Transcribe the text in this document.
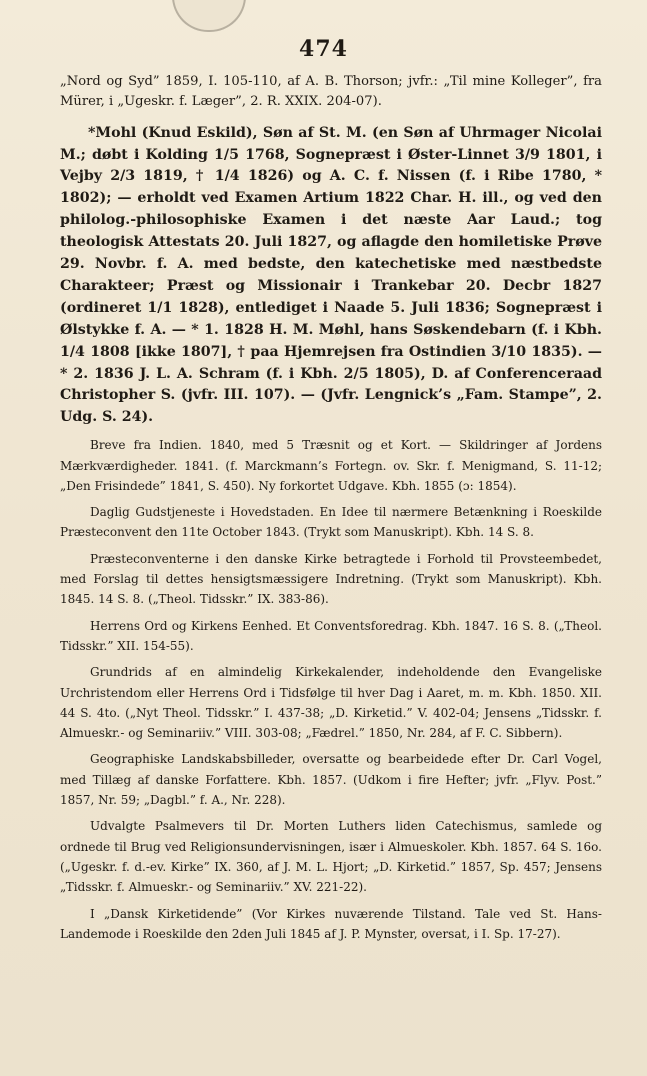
474

„Nord og Syd” 1859, I. 105-110, af A. B. Thorson; jvfr.: „Til mine Kolleger”, fra Mürer, i „Ugeskr. f. Læger”, 2. R. XXIX. 204-07).

*Mohl (Knud Eskild), Søn af St. M. (en Søn af Uhrmager Nicolai M.; døbt i Kolding 1/5 1768, Sognepræst i Øster-Linnet 3/9 1801, i Vejby 2/3 1819, † 1/4 1826) og A. C. f. Nissen (f. i Ribe 1780, * 1802); — erholdt ved Examen Artium 1822 Char. H. ill., og ved den philolog.-philosophiske Examen i det næste Aar Laud.; tog theologisk Attestats 20. Juli 1827, og aflagde den homiletiske Prøve 29. Novbr. f. A. med bedste, den katechetiske med næstbedste Charakteer; Præst og Missionair i Trankebar 20. Decbr 1827 (ordineret 1/1 1828), entlediget i Naade 5. Juli 1836; Sognepræst i Ølstykke f. A. — * 1. 1828 H. M. Møhl, hans Søskendebarn (f. i Kbh. 1/4 1808 [ikke 1807], † paa Hjemrejsen fra Ostindien 3/10 1835). — * 2. 1836 J. L. A. Schram (f. i Kbh. 2/5 1805), D. af Conferenceraad Christopher S. (jvfr. III. 107). — (Jvfr. Lengnick’s „Fam. Stampe”, 2. Udg. S. 24).

Breve fra Indien. 1840, med 5 Træsnit og et Kort. — Skildringer af Jordens Mærkværdigheder. 1841. (f. Marckmann’s Fortegn. ov. Skr. f. Menigmand, S. 11-12; „Den Frisindede” 1841, S. 450). Ny forkortet Udgave. Kbh. 1855 (ɔ: 1854).

Daglig Gudstjeneste i Hovedstaden. En Idee til nærmere Betænkning i Roeskilde Præsteconvent den 11te October 1843. (Trykt som Manuskript). Kbh. 14 S. 8.

Præsteconventerne i den danske Kirke betragtede i Forhold til Provsteembedet, med Forslag til dettes hensigtsmæssigere Indretning. (Trykt som Manuskript). Kbh. 1845. 14 S. 8. („Theol. Tidsskr.” IX. 383-86).

Herrens Ord og Kirkens Eenhed. Et Conventsforedrag. Kbh. 1847. 16 S. 8. („Theol. Tidsskr.” XII. 154-55).

Grundrids af en almindelig Kirkekalender, indeholdende den Evangeliske Urchristendom eller Herrens Ord i Tidsfølge til hver Dag i Aaret, m. m. Kbh. 1850. XII. 44 S. 4to. („Nyt Theol. Tidsskr.” I. 437-38; „D. Kirketid.” V. 402-04; Jensens „Tidsskr. f. Almueskr.- og Seminariiv.” VIII. 303-08; „Fædrel.” 1850, Nr. 284, af F. C. Sibbern).

Geographiske Landskabsbilleder, oversatte og bearbeidede efter Dr. Carl Vogel, med Tillæg af danske Forfattere. Kbh. 1857. (Udkom i fire Hefter; jvfr. „Flyv. Post.” 1857, Nr. 59; „Dagbl.” f. A., Nr. 228).

Udvalgte Psalmevers til Dr. Morten Luthers liden Catechismus, samlede og ordnede til Brug ved Religionsundervisningen, især i Almueskoler. Kbh. 1857. 64 S. 16o. („Ugeskr. f. d.-ev. Kirke” IX. 360, af J. M. L. Hjort; „D. Kirketid.” 1857, Sp. 457; Jensens „Tidsskr. f. Almueskr.- og Seminariiv.” XV. 221-22).

I „Dansk Kirketidende” (Vor Kirkes nuværende Tilstand. Tale ved St. Hans-Landemode i Roeskilde den 2den Juli 1845 af J. P. Mynster, oversat, i I. Sp. 17-27).
